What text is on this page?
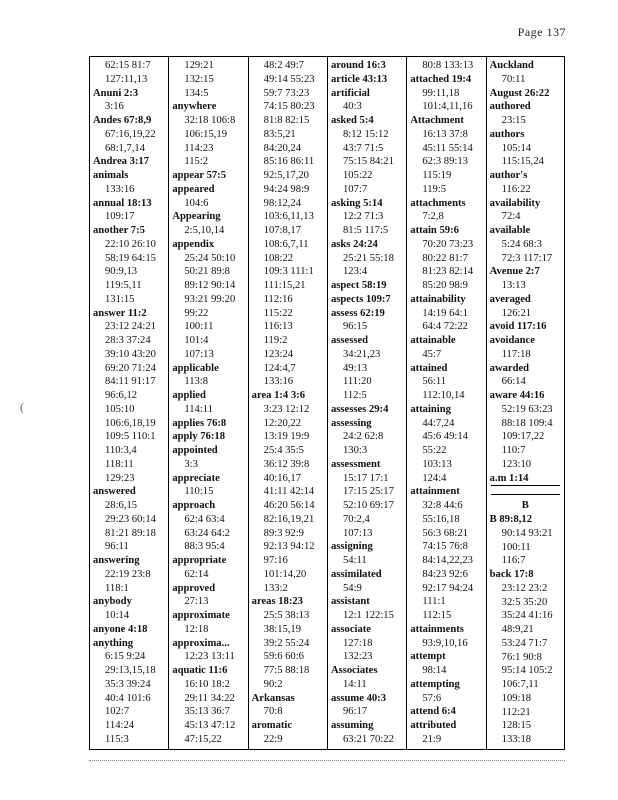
Page 137
(
62:15 81:7
127:11,13
Anuni 2:3
3:16
Andes 67:8,9
67:16,19,22
68:1,7,14
Andrea 3:17
animals
133:16
annual 18:13
109:17
another 7:5
22:10 26:10
58:19 64:15
90:9,13
119:5,11
131:15
answer 11:2
23:12 24:21
28:3 37:24
39:10 43:20
69:20 71:24
84:11 91:17
96:6,12
105:10
106:6,18,19
109:5 110:1
110:3,4
118:11
129:23
answered
28:6,15
29:23 60:14
81:21 89:18
96:11
answering
22:19 23:8
118:1
anybody
10:14
anyone 4:18
anything
6:15 9:24
29:13,15,18
35:3 39:24
40:4 101:6
102:7
114:24
115:3
129:21
132:15
134:5
anywhere
32:18 106:8
106:15,19
114:23
115:2
appear 57:5
appeared
104:6
Appearing
2:5,10,14
appendix
25:24 50:10
50:21 89:8
89:12 90:14
93:21 99:20
99:22
100:11
101:4
107:13
applicable
113:8
applied
114:11
applies 76:8
apply 76:18
appointed
3:3
appreciate
110:15
approach
62:4 63:4
63:24 64:2
88:3 95:4
appropriate
62:14
approved
27:13
approximate
12:18
approxima...
12:23 13:11
aquatic 11:6
16:10 18:2
29:11 34:22
35:13 36:7
45:13 47:12
47:15,22
48:2 49:7
49:14 55:23
59:7 73:23
74:15 80:23
81:8 82:15
83:5,21
84:20,24
85:16 86:11
92:5,17,20
94:24 98:9
98:12,24
103:6,11,13
107:8,17
108:6,7,11
108:22
109:3 111:1
111:15,21
112:16
115:22
116:13
119:2
123:24
124:4,7
133:16
area 1:4 3:6
3:23 12:12
12:20,22
13:19 19:9
25:4 35:5
36:12 39:8
40:16,17
41:11 42:14
46:20 56:14
82:16,19,21
89:3 92:9
92:13 94:12
97:16
101:14,20
133:2
areas 18:23
25:5 38:13
38:15,19
39:2 55:24
59:6 60:6
77:5 88:18
90:2
Arkansas
70:8
aromatic
22:9
around 16:3
article 43:13
artificial
40:3
asked 5:4
8:12 15:12
43:7 71:5
75:15 84:21
105:22
107:7
asking 5:14
12:2 71:3
81:5 117:5
asks 24:24
25:21 55:18
123:4
aspect 58:19
aspects 109:7
assess 62:19
96:15
assessed
34:21,23
49:13
111:20
112:5
assesses 29:4
assessing
24:2 62:8
130:3
assessment
15:17 17:1
17:15 25:17
52:10 69:17
70:2,4
107:13
assigning
54:11
assimilated
54:9
assistant
12:1 122:15
associate
127:18
132:23
Associates
14:11
assume 40:3
96:17
assuming
63:21 70:22
80:8 133:13
attached 19:4
99:11,18
101:4,11,16
Attachment
16:13 37:8
45:11 55:14
62:3 89:13
115:19
119:5
attachments
7:2,8
attain 59:6
70:20 73:23
80:22 81:7
81:23 82:14
85:20 98:9
attainability
14:19 64:1
64:4 72:22
attainable
45:7
attained
56:11
112:10,14
attaining
44:7,24
45:6 49:14
55:22
103:13
124:4
attainment
32:8 44:6
55:16,18
56:3 68:21
74:15 76:8
84:14,22,23
84:23 92:6
92:17 94:24
111:1
112:15
attainments
93:9,10,16
attempt
98:14
attempting
57:6
attend 6:4
attributed
21:9
Auckland
70:11
August 26:22
authored
23:15
authors
105:14
115:15,24
author's
116:22
availability
72:4
available
5:24 68:3
72:3 117:17
Avenue 2:7
13:13
averaged
126:21
avoid 117:16
avoidance
117:18
awarded
66:14
aware 44:16
52:19 63:23
88:18 109:4
109:17,22
110:7
123:10
a.m 1:14
B
B 89:8,12
90:14 93:21
100:11
116:7
back 17:8
23:12 23:2
32:5 35:20
35:24 41:16
48:9,21
53:24 71:7
76:1 90:8
95:14 105:2
106:7,11
109:18
112:21
128:15
133:18
